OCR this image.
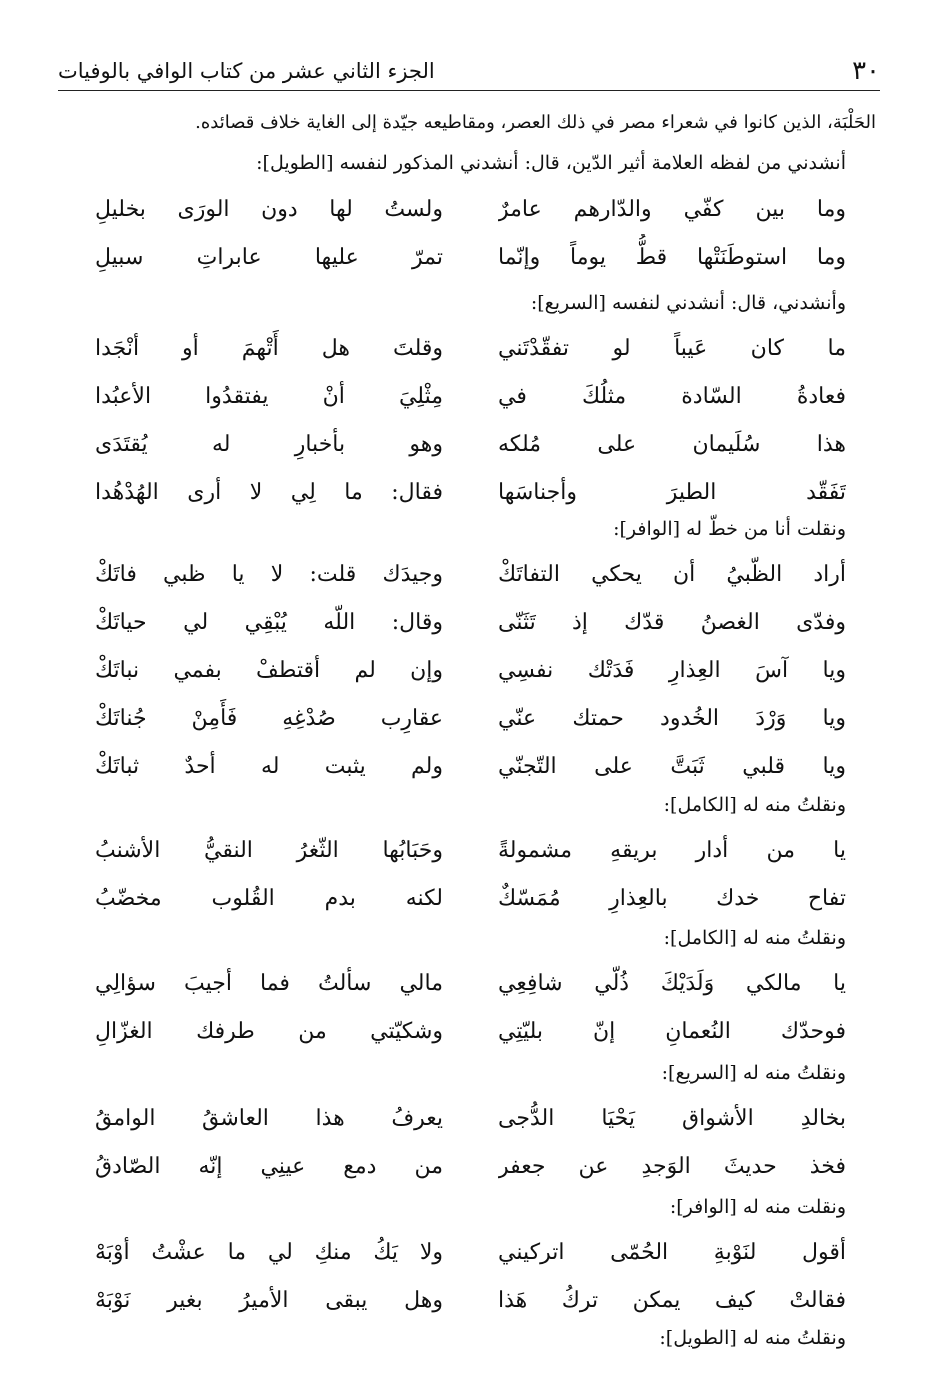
٣٠
الجزء الثاني عشر من كتاب الوافي بالوفيات
الحَلْبَة، الذين كانوا في شعراء مصر في ذلك العصر، ومقاطيعه جيّدة إلى الغاية خلاف قصائده.
أنشدني من لفظه العلامة أثير الدّين، قال: أنشدني المذكور لنفسه [الطويل]:
وما بين كفّي والدّارهم عامرٌ
ولستُ لها دون الورَى بخليلِ
وما استوطَنَتْها قطُّ يوماً وإنّما
تمرّ عليها عابراتِ سبيلِ
وأنشدني، قال: أنشدني لنفسه [السريع]:
ما كان عَيباً لو تفقّدْتَني
وقلتَ هل أَتْهمَ أو أنْجَدا
فعادةُ السّادة مثلُكَ في
مِثْلِيَ أنْ يفتقدُوا الأعبُدا
هذا سُلَيمان على مُلكه
وهو بأخبارِ له يُقتَدَى
تَفَقّد الطيرَ وأجناسَها
فقال: ما لِي لا أرى الهُدْهُدا
ونقلت أنا من خطّ له [الوافر]:
أراد الظّبيُ أن يحكي التفاتَكْ
وجيدَك قلت: لا يا ظبي فاتَكْ
وفدّى الغصنُ قدّك إذ تَثَنّى
وقال: اللّه يُبْقِي لي حياتَكْ
ويا آسَ العِذارِ فَدَتْك نفسِي
وإن لم أقتطفْ بفمي نباتَكْ
ويا وَرْدَ الخُدود حمتك عنّي
عقارِب صُدْغِهِ فَأَمِنْ جُناتَكْ
ويا قلبي ثَبَتَّ على التّجنّي
ولم يثبت له أحدٌ ثباتَكْ
ونقلتُ منه له [الكامل]:
يا من أدار بريقهِ مشمولةً
وحَبَابُها الثّغرُ النقيُّ الأشنبُ
تفاح خدك بالعِذارِ مُمَسّكٌ
لكنه بدم القُلوب مخضّبُ
ونقلتُ منه له [الكامل]:
يا مالكي وَلَدَيْكَ ذُلّي شافِعِي
مالي سألتُ فما أجيبَ سؤالِي
فوحدّك النُعمانِ إنّ بليّتِي
وشكيّتي من طرفك الغزّالِ
ونقلتُ منه له [السريع]:
بخالدِ الأشواق يَحْيَا الدُّجى
يعرفُ هذا العاشقُ الوامقُ
فخذ حديثَ الوَجدِ عن جعفر
من دمع عينِي إنّه الصّادقُ
ونقلت منه له [الوافر]:
أقول لنَوْبةِ الحُمّى اتركيني
ولا يَكُ منكِ لي ما عشْتُ أوْبَهْ
فقالتْ كيف يمكن تركُ هَذا
وهل يبقى الأميرُ بغير نَوْبَهْ
ونقلتُ منه له [الطويل]:
